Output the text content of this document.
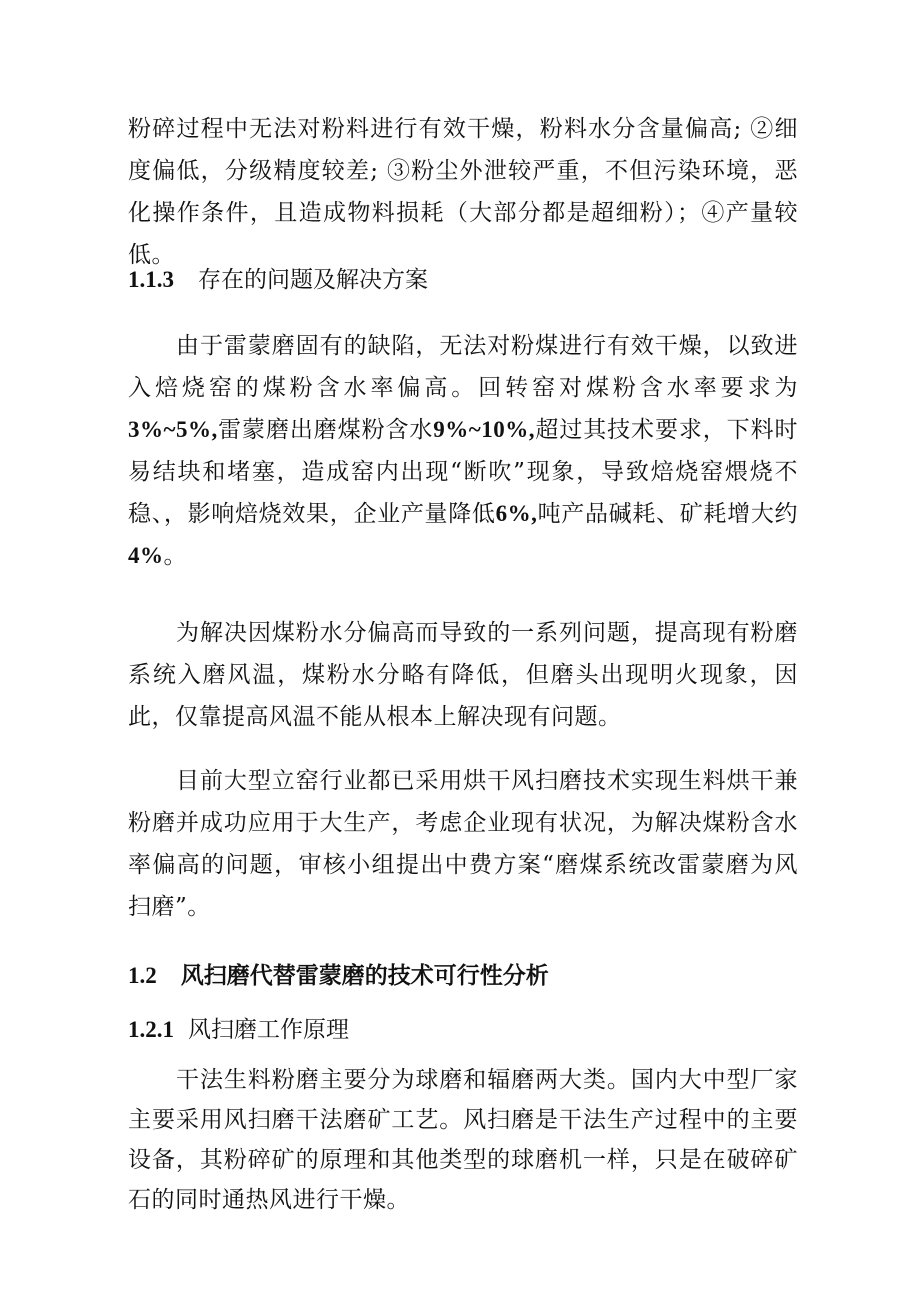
粉碎过程中无法对粉料进行有效干燥，粉料水分含量偏高; ②细度偏低，分级精度较差; ③粉尘外泄较严重，不但污染环境，恶化操作条件，且造成物料损耗（大部分都是超细粉）；④产量较低。

1.1.3 存在的问题及解决方案

由于雷蒙磨固有的缺陷，无法对粉煤进行有效干燥，以致进入焙烧窑的煤粉含水率偏高。回转窑对煤粉含水率要求为3%~5%,雷蒙磨出磨煤粉含水9%~10%,超过其技术要求，下料时易结块和堵塞，造成窑内出现“断吹”现象，导致焙烧窑煨烧不稳、，影响焙烧效果，企业产量降低6%,吨产品碱耗、矿耗增大约4%。

为解决因煤粉水分偏高而导致的一系列问题，提高现有粉磨系统入磨风温，煤粉水分略有降低，但磨头出现明火现象，因此，仅靠提高风温不能从根本上解决现有问题。

目前大型立窑行业都已采用烘干风扫磨技术实现生料烘干兼粉磨并成功应用于大生产，考虑企业现有状况，为解决煤粉含水率偏高的问题，审核小组提出中费方案“磨煤系统改雷蒙磨为风扫磨”。

1.2 风扫磨代替雷蒙磨的技术可行性分析
1.2.1 风扫磨工作原理

干法生料粉磨主要分为球磨和辐磨两大类。国内大中型厂家主要采用风扫磨干法磨矿工艺。风扫磨是干法生产过程中的主要设备，其粉碎矿的原理和其他类型的球磨机一样，只是在破碎矿石的同时通热风进行干燥。
